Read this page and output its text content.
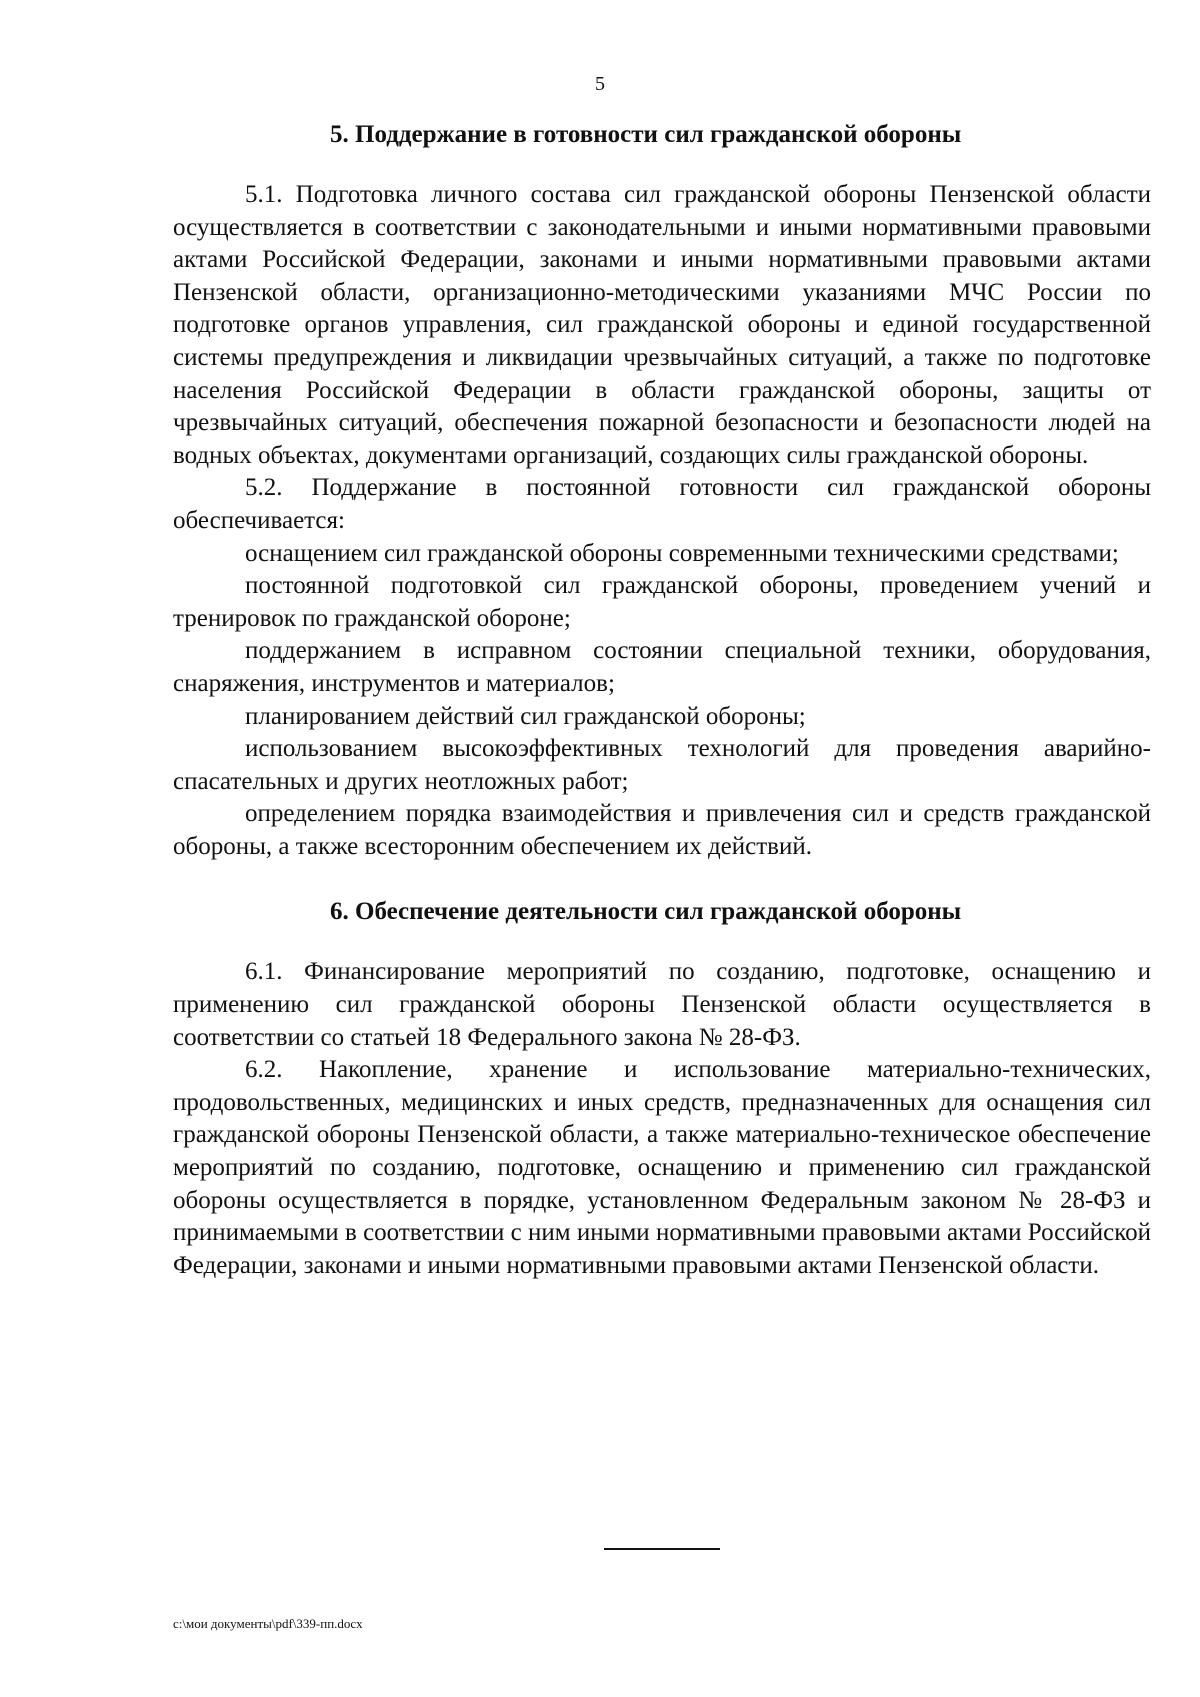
5
5. Поддержание в готовности сил гражданской обороны

5.1. Подготовка личного состава сил гражданской обороны Пензенской области осуществляется в соответствии с законодательными и иными нормативными правовыми актами Российской Федерации, законами и иными нормативными правовыми актами Пензенской области, организационно-методическими указаниями МЧС России по подготовке органов управления, сил гражданской обороны и единой государственной системы предупреждения и ликвидации чрезвычайных ситуаций, а также по подготовке населения Российской Федерации в области гражданской обороны, защиты от чрезвычайных ситуаций, обеспечения пожарной безопасности и безопасности людей на водных объектах, документами организаций, создающих силы гражданской обороны.

5.2. Поддержание в постоянной готовности сил гражданской обороны обеспечивается:

оснащением сил гражданской обороны современными техническими средствами;

постоянной подготовкой сил гражданской обороны, проведением учений и тренировок по гражданской обороне;

поддержанием в исправном состоянии специальной техники, оборудования, снаряжения, инструментов и материалов;

планированием действий сил гражданской обороны;

использованием высокоэффективных технологий для проведения аварийно-спасательных и других неотложных работ;

определением порядка взаимодействия и привлечения сил и средств гражданской обороны, а также всесторонним обеспечением их действий.

6. Обеспечение деятельности сил гражданской обороны

6.1. Финансирование мероприятий по созданию, подготовке, оснащению и применению сил гражданской обороны Пензенской области осуществляется в соответствии со статьей 18 Федерального закона № 28-ФЗ.

6.2. Накопление, хранение и использование материально-технических, продовольственных, медицинских и иных средств, предназначенных для оснащения сил гражданской обороны Пензенской области, а также материально-техническое обеспечение мероприятий по созданию, подготовке, оснащению и применению сил гражданской обороны осуществляется в порядке, установленном Федеральным законом № 28-ФЗ и принимаемыми в соответствии с ним иными нормативными правовыми актами Российской Федерации, законами и иными нормативными правовыми актами Пензенской области.

c:\мои документы\pdf\339-пп.docx
